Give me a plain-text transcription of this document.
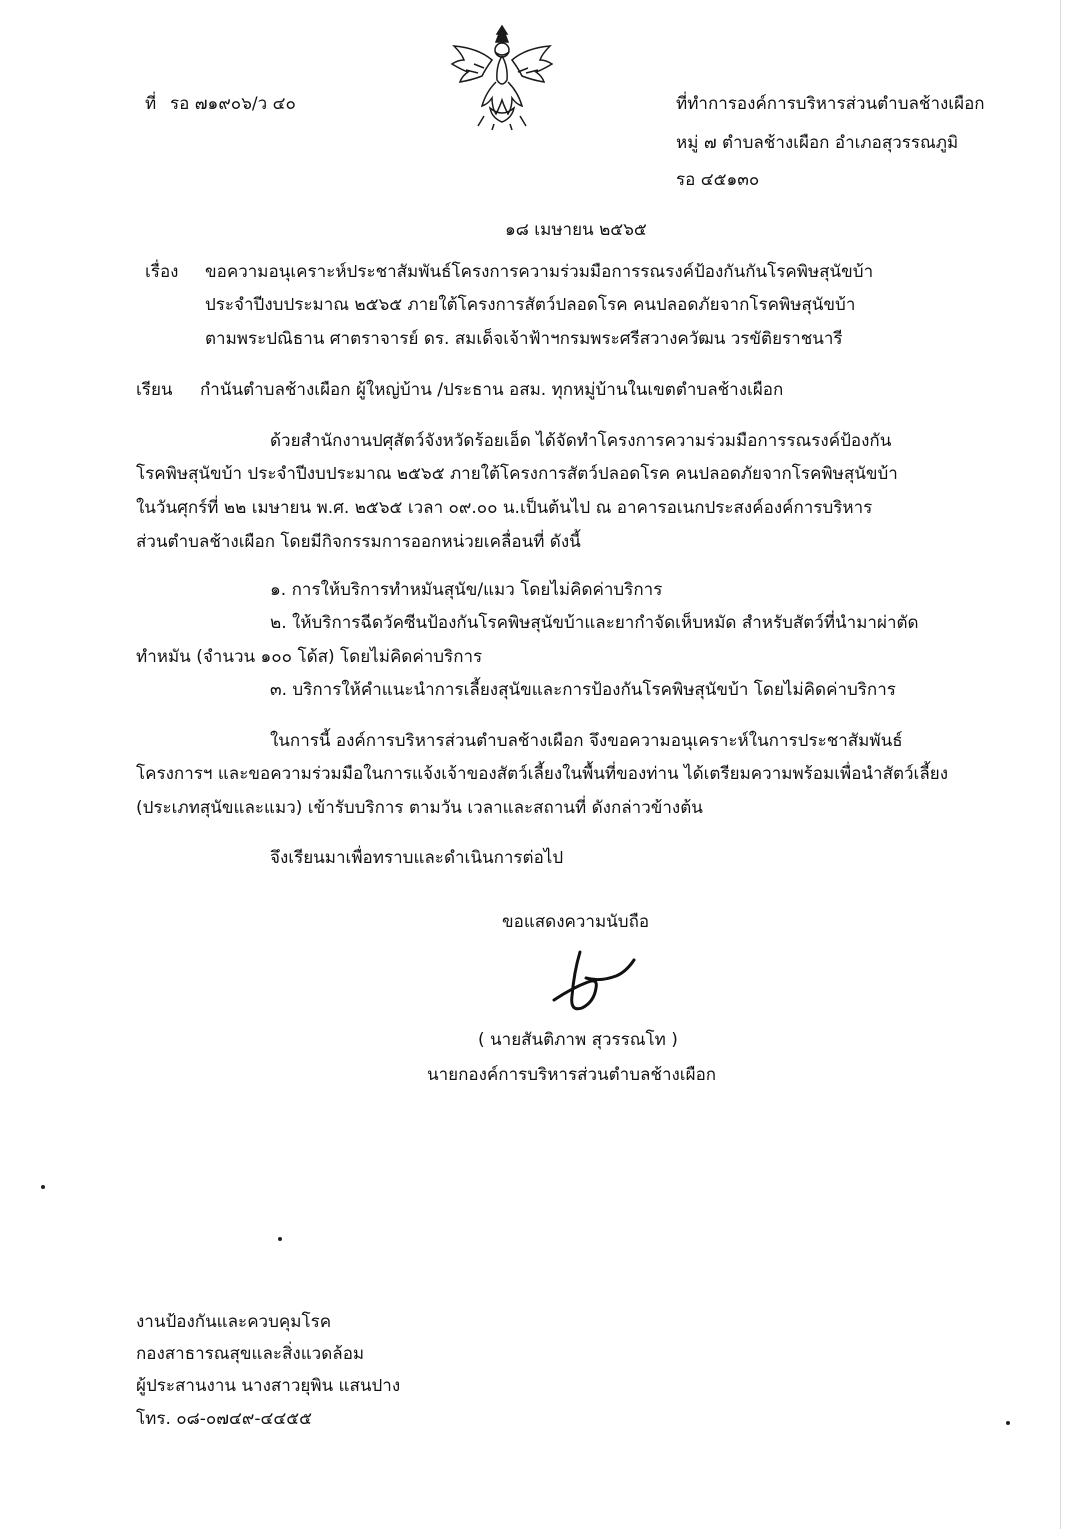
ที่ รอ ๗๑๙๐๖/ว ๔๐	ที่ทำการองค์การบริหารส่วนตำบลช้างเผือก
หมู่ ๗ ตำบลช้างเผือก อำเภอสุวรรณภูมิ
รอ ๔๕๑๓๐
๑๘ เมษายน ๒๕๖๕
เรื่อง ขอความอนุเคราะห์ประชาสัมพันธ์โครงการความร่วมมือการรณรงค์ป้องกันกันโรคพิษสุนัขบ้า
ประจำปีงบประมาณ ๒๕๖๕ ภายใต้โครงการสัตว์ปลอดโรค คนปลอดภัยจากโรคพิษสุนัขบ้า
ตามพระปณิธาน ศาตราจารย์ ดร. สมเด็จเจ้าฟ้าฯกรมพระศรีสวางควัฒน วรขัติยราชนารี
เรียน กำนันตำบลช้างเผือก ผู้ใหญ่บ้าน /ประธาน อสม. ทุกหมู่บ้านในเขตตำบลช้างเผือก
ด้วยสำนักงานปศุสัตว์จังหวัดร้อยเอ็ด ได้จัดทำโครงการความร่วมมือการรณรงค์ป้องกัน
โรคพิษสุนัขบ้า ประจำปีงบประมาณ ๒๕๖๕ ภายใต้โครงการสัตว์ปลอดโรค คนปลอดภัยจากโรคพิษสุนัขบ้า
ในวันศุกร์ที่ ๒๒ เมษายน พ.ศ. ๒๕๖๕ เวลา ๐๙.๐๐ น.เป็นต้นไป ณ อาคารอเนกประสงค์องค์การบริหาร
ส่วนตำบลช้างเผือก โดยมีกิจกรรมการออกหน่วยเคลื่อนที่ ดังนี้
๑. การให้บริการทำหมันสุนัข/แมว โดยไม่คิดค่าบริการ
๒. ให้บริการฉีดวัคซีนป้องกันโรคพิษสุนัขบ้าและยากำจัดเห็บหมัด สำหรับสัตว์ที่นำมาผ่าตัด
ทำหมัน (จำนวน ๑๐๐ โด้ส) โดยไม่คิดค่าบริการ
๓. บริการให้คำแนะนำการเลี้ยงสุนัขและการป้องกันโรคพิษสุนัขบ้า โดยไม่คิดค่าบริการ
ในการนี้ องค์การบริหารส่วนตำบลช้างเผือก จึงขอความอนุเคราะห์ในการประชาสัมพันธ์
โครงการฯ และขอความร่วมมือในการแจ้งเจ้าของสัตว์เลี้ยงในพื้นที่ของท่าน ได้เตรียมความพร้อมเพื่อนำสัตว์เลี้ยง
(ประเภทสุนัขและแมว) เข้ารับบริการ ตามวัน เวลาและสถานที่ ดังกล่าวข้างต้น
จึงเรียนมาเพื่อทราบและดำเนินการต่อไป
ขอแสดงความนับถือ
( นายสันติภาพ สุวรรณโท )
นายกองค์การบริหารส่วนตำบลช้างเผือก
งานป้องกันและควบคุมโรค
กองสาธารณสุขและสิ่งแวดล้อม
ผู้ประสานงาน นางสาวยุพิน แสนปาง
โทร. ๐๘-๐๗๔๙-๔๔๕๕
